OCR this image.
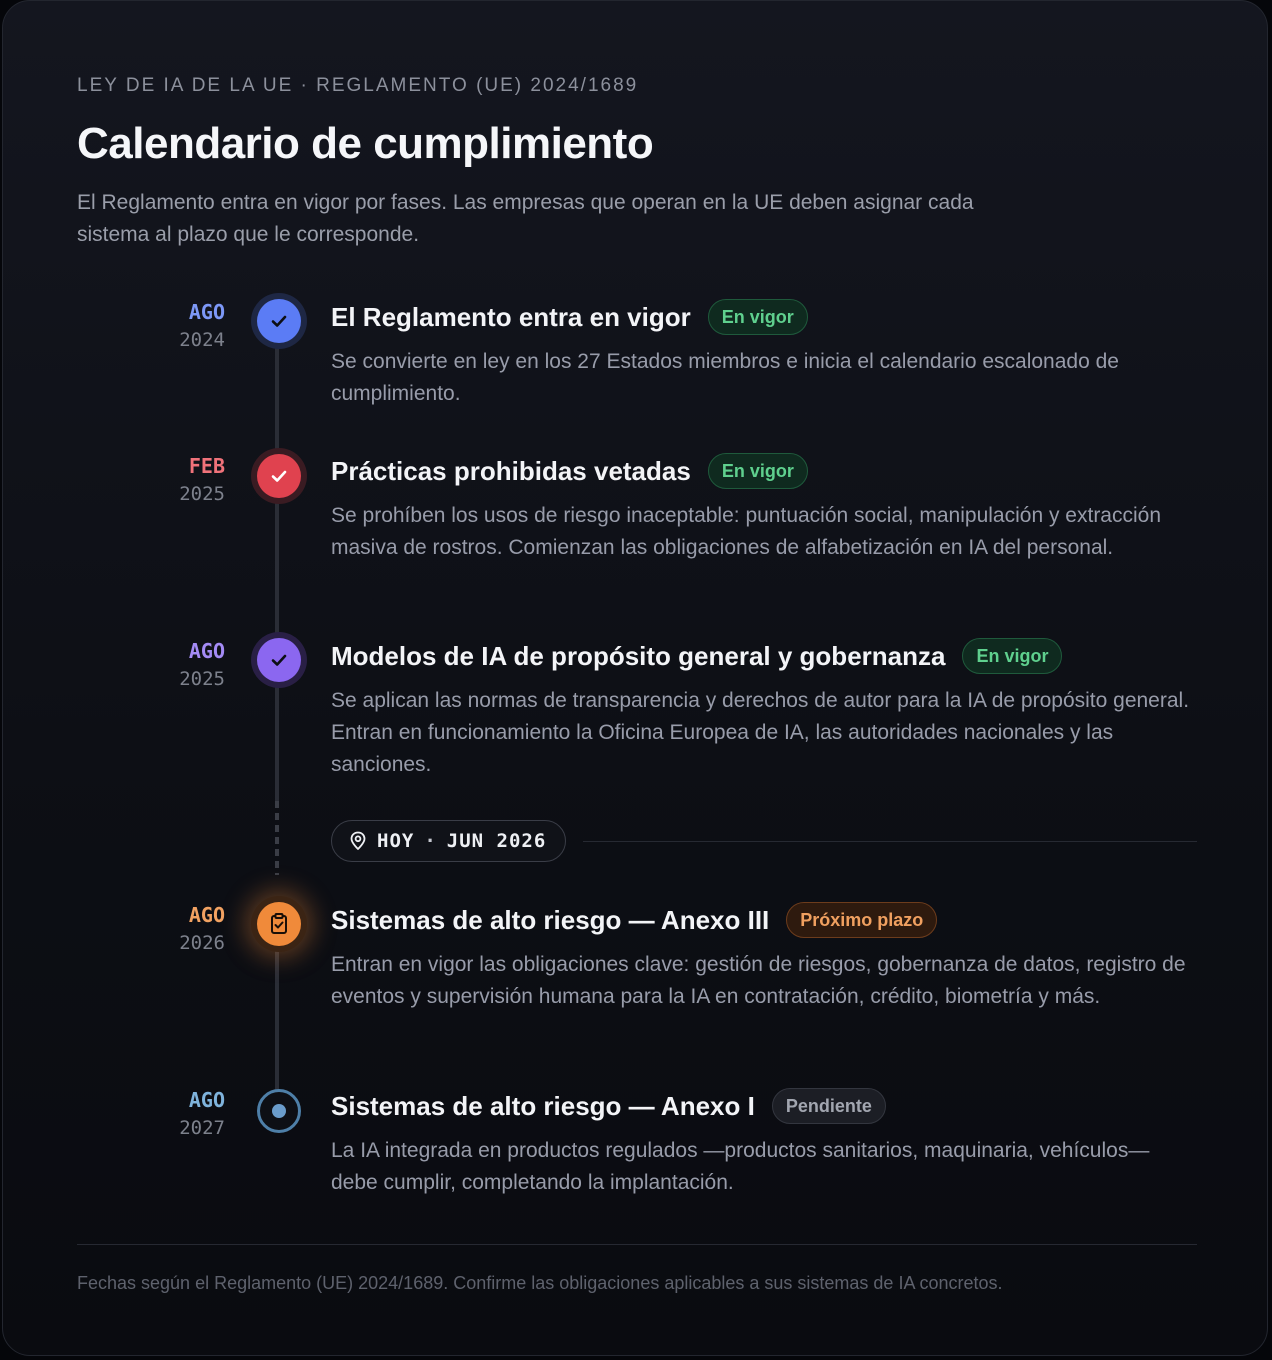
LEY DE IA DE LA UE · REGLAMENTO (UE) 2024/1689
Calendario de cumplimiento

El Reglamento entra en vigor por fases. Las empresas que operan en la UE deben asignar cada sistema al plazo que le corresponde.

AGO
2024
El Reglamento entra en vigor	En vigor

Se convierte en ley en los 27 Estados miembros e inicia el calendario escalonado de cumplimiento.

FEB
2025
Prácticas prohibidas vetadas	En vigor

Se prohíben los usos de riesgo inaceptable: puntuación social, manipulación y extracción masiva de rostros. Comienzan las obligaciones de alfabetización en IA del personal.

AGO
2025
Modelos de IA de propósito general y gobernanza	En vigor

Se aplican las normas de transparencia y derechos de autor para la IA de propósito general. Entran en funcionamiento la Oficina Europea de IA, las autoridades nacionales y las sanciones.

HOY · JUN 2026
AGO
2026
Sistemas de alto riesgo — Anexo III	Próximo plazo

Entran en vigor las obligaciones clave: gestión de riesgos, gobernanza de datos, registro de eventos y supervisión humana para la IA en contratación, crédito, biometría y más.

AGO
2027
Sistemas de alto riesgo — Anexo I	Pendiente

La IA integrada en productos regulados —productos sanitarios, maquinaria, vehículos— debe cumplir, completando la implantación.

Fechas según el Reglamento (UE) 2024/1689. Confirme las obligaciones aplicables a sus sistemas de IA concretos.
